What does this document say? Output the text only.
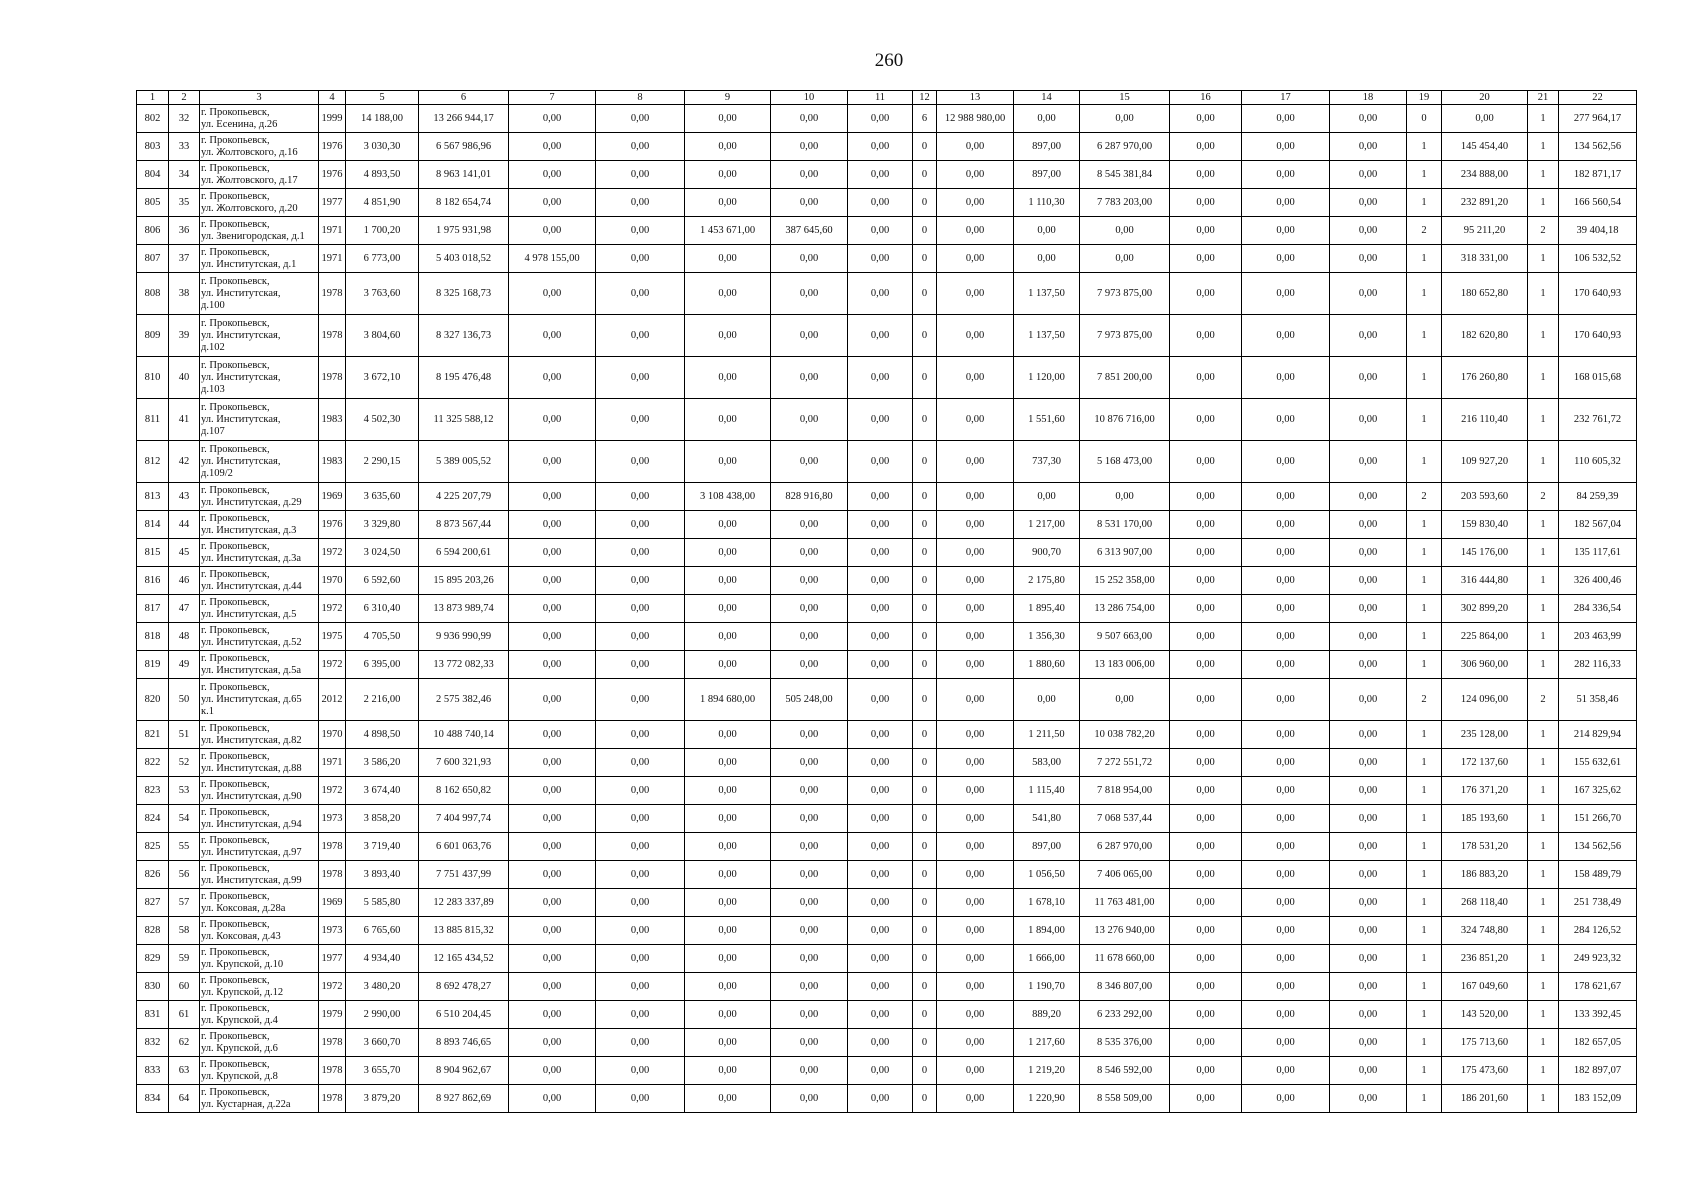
260
1	2	3	4	5	6	7	8	9	10	11	12	13	14	15	16	17	18	19	20	21	22
802	32	г. Прокопьевск,
ул. Есенина, д.26	1999	14 188,00	13 266 944,17	0,00	0,00	0,00	0,00	0,00	6	12 988 980,00	0,00	0,00	0,00	0,00	0,00	0	0,00	1	277 964,17
803	33	г. Прокопьевск,
ул. Жолтовского, д.16	1976	3 030,30	6 567 986,96	0,00	0,00	0,00	0,00	0,00	0	0,00	897,00	6 287 970,00	0,00	0,00	0,00	1	145 454,40	1	134 562,56
804	34	г. Прокопьевск,
ул. Жолтовского, д.17	1976	4 893,50	8 963 141,01	0,00	0,00	0,00	0,00	0,00	0	0,00	897,00	8 545 381,84	0,00	0,00	0,00	1	234 888,00	1	182 871,17
805	35	г. Прокопьевск,
ул. Жолтовского, д.20	1977	4 851,90	8 182 654,74	0,00	0,00	0,00	0,00	0,00	0	0,00	1 110,30	7 783 203,00	0,00	0,00	0,00	1	232 891,20	1	166 560,54
806	36	г. Прокопьевск,
ул. Звенигородская, д.1	1971	1 700,20	1 975 931,98	0,00	0,00	1 453 671,00	387 645,60	0,00	0	0,00	0,00	0,00	0,00	0,00	0,00	2	95 211,20	2	39 404,18
807	37	г. Прокопьевск,
ул. Институтская, д.1	1971	6 773,00	5 403 018,52	4 978 155,00	0,00	0,00	0,00	0,00	0	0,00	0,00	0,00	0,00	0,00	0,00	1	318 331,00	1	106 532,52
808	38	г. Прокопьевск,
ул. Институтская,
д.100	1978	3 763,60	8 325 168,73	0,00	0,00	0,00	0,00	0,00	0	0,00	1 137,50	7 973 875,00	0,00	0,00	0,00	1	180 652,80	1	170 640,93
809	39	г. Прокопьевск,
ул. Институтская,
д.102	1978	3 804,60	8 327 136,73	0,00	0,00	0,00	0,00	0,00	0	0,00	1 137,50	7 973 875,00	0,00	0,00	0,00	1	182 620,80	1	170 640,93
810	40	г. Прокопьевск,
ул. Институтская,
д.103	1978	3 672,10	8 195 476,48	0,00	0,00	0,00	0,00	0,00	0	0,00	1 120,00	7 851 200,00	0,00	0,00	0,00	1	176 260,80	1	168 015,68
811	41	г. Прокопьевск,
ул. Институтская,
д.107	1983	4 502,30	11 325 588,12	0,00	0,00	0,00	0,00	0,00	0	0,00	1 551,60	10 876 716,00	0,00	0,00	0,00	1	216 110,40	1	232 761,72
812	42	г. Прокопьевск,
ул. Институтская,
д.109/2	1983	2 290,15	5 389 005,52	0,00	0,00	0,00	0,00	0,00	0	0,00	737,30	5 168 473,00	0,00	0,00	0,00	1	109 927,20	1	110 605,32
813	43	г. Прокопьевск,
ул. Институтская, д.29	1969	3 635,60	4 225 207,79	0,00	0,00	3 108 438,00	828 916,80	0,00	0	0,00	0,00	0,00	0,00	0,00	0,00	2	203 593,60	2	84 259,39
814	44	г. Прокопьевск,
ул. Институтская, д.3	1976	3 329,80	8 873 567,44	0,00	0,00	0,00	0,00	0,00	0	0,00	1 217,00	8 531 170,00	0,00	0,00	0,00	1	159 830,40	1	182 567,04
815	45	г. Прокопьевск,
ул. Институтская, д.3а	1972	3 024,50	6 594 200,61	0,00	0,00	0,00	0,00	0,00	0	0,00	900,70	6 313 907,00	0,00	0,00	0,00	1	145 176,00	1	135 117,61
816	46	г. Прокопьевск,
ул. Институтская, д.44	1970	6 592,60	15 895 203,26	0,00	0,00	0,00	0,00	0,00	0	0,00	2 175,80	15 252 358,00	0,00	0,00	0,00	1	316 444,80	1	326 400,46
817	47	г. Прокопьевск,
ул. Институтская, д.5	1972	6 310,40	13 873 989,74	0,00	0,00	0,00	0,00	0,00	0	0,00	1 895,40	13 286 754,00	0,00	0,00	0,00	1	302 899,20	1	284 336,54
818	48	г. Прокопьевск,
ул. Институтская, д.52	1975	4 705,50	9 936 990,99	0,00	0,00	0,00	0,00	0,00	0	0,00	1 356,30	9 507 663,00	0,00	0,00	0,00	1	225 864,00	1	203 463,99
819	49	г. Прокопьевск,
ул. Институтская, д.5а	1972	6 395,00	13 772 082,33	0,00	0,00	0,00	0,00	0,00	0	0,00	1 880,60	13 183 006,00	0,00	0,00	0,00	1	306 960,00	1	282 116,33
820	50	г. Прокопьевск,
ул. Институтская, д.65
к.1	2012	2 216,00	2 575 382,46	0,00	0,00	1 894 680,00	505 248,00	0,00	0	0,00	0,00	0,00	0,00	0,00	0,00	2	124 096,00	2	51 358,46
821	51	г. Прокопьевск,
ул. Институтская, д.82	1970	4 898,50	10 488 740,14	0,00	0,00	0,00	0,00	0,00	0	0,00	1 211,50	10 038 782,20	0,00	0,00	0,00	1	235 128,00	1	214 829,94
822	52	г. Прокопьевск,
ул. Институтская, д.88	1971	3 586,20	7 600 321,93	0,00	0,00	0,00	0,00	0,00	0	0,00	583,00	7 272 551,72	0,00	0,00	0,00	1	172 137,60	1	155 632,61
823	53	г. Прокопьевск,
ул. Институтская, д.90	1972	3 674,40	8 162 650,82	0,00	0,00	0,00	0,00	0,00	0	0,00	1 115,40	7 818 954,00	0,00	0,00	0,00	1	176 371,20	1	167 325,62
824	54	г. Прокопьевск,
ул. Институтская, д.94	1973	3 858,20	7 404 997,74	0,00	0,00	0,00	0,00	0,00	0	0,00	541,80	7 068 537,44	0,00	0,00	0,00	1	185 193,60	1	151 266,70
825	55	г. Прокопьевск,
ул. Институтская, д.97	1978	3 719,40	6 601 063,76	0,00	0,00	0,00	0,00	0,00	0	0,00	897,00	6 287 970,00	0,00	0,00	0,00	1	178 531,20	1	134 562,56
826	56	г. Прокопьевск,
ул. Институтская, д.99	1978	3 893,40	7 751 437,99	0,00	0,00	0,00	0,00	0,00	0	0,00	1 056,50	7 406 065,00	0,00	0,00	0,00	1	186 883,20	1	158 489,79
827	57	г. Прокопьевск,
ул. Коксовая, д.28а	1969	5 585,80	12 283 337,89	0,00	0,00	0,00	0,00	0,00	0	0,00	1 678,10	11 763 481,00	0,00	0,00	0,00	1	268 118,40	1	251 738,49
828	58	г. Прокопьевск,
ул. Коксовая, д.43	1973	6 765,60	13 885 815,32	0,00	0,00	0,00	0,00	0,00	0	0,00	1 894,00	13 276 940,00	0,00	0,00	0,00	1	324 748,80	1	284 126,52
829	59	г. Прокопьевск,
ул. Крупской, д.10	1977	4 934,40	12 165 434,52	0,00	0,00	0,00	0,00	0,00	0	0,00	1 666,00	11 678 660,00	0,00	0,00	0,00	1	236 851,20	1	249 923,32
830	60	г. Прокопьевск,
ул. Крупской, д.12	1972	3 480,20	8 692 478,27	0,00	0,00	0,00	0,00	0,00	0	0,00	1 190,70	8 346 807,00	0,00	0,00	0,00	1	167 049,60	1	178 621,67
831	61	г. Прокопьевск,
ул. Крупской, д.4	1979	2 990,00	6 510 204,45	0,00	0,00	0,00	0,00	0,00	0	0,00	889,20	6 233 292,00	0,00	0,00	0,00	1	143 520,00	1	133 392,45
832	62	г. Прокопьевск,
ул. Крупской, д.6	1978	3 660,70	8 893 746,65	0,00	0,00	0,00	0,00	0,00	0	0,00	1 217,60	8 535 376,00	0,00	0,00	0,00	1	175 713,60	1	182 657,05
833	63	г. Прокопьевск,
ул. Крупской, д.8	1978	3 655,70	8 904 962,67	0,00	0,00	0,00	0,00	0,00	0	0,00	1 219,20	8 546 592,00	0,00	0,00	0,00	1	175 473,60	1	182 897,07
834	64	г. Прокопьевск,
ул. Кустарная, д.22а	1978	3 879,20	8 927 862,69	0,00	0,00	0,00	0,00	0,00	0	0,00	1 220,90	8 558 509,00	0,00	0,00	0,00	1	186 201,60	1	183 152,09
